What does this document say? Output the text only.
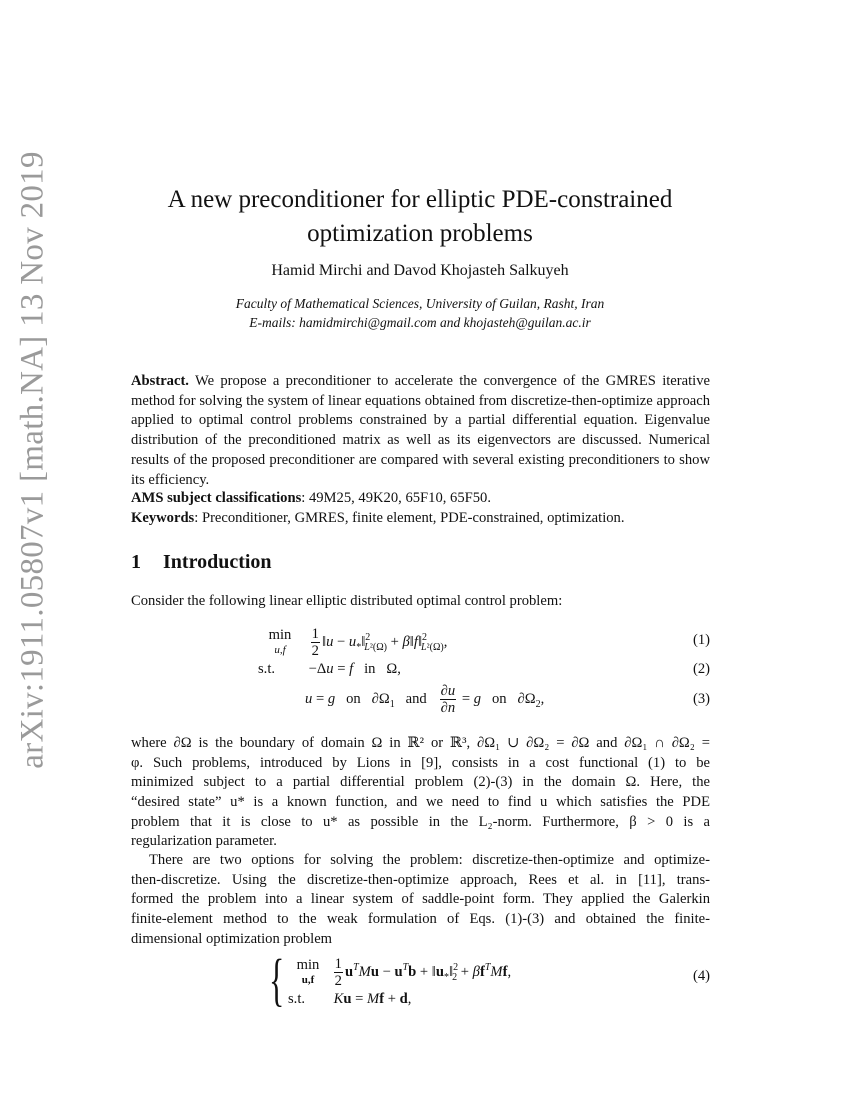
arXiv:1911.05807v1 [math.NA] 13 Nov 2019	A new preconditioner for elliptic PDE-constrained
optimization problems
Hamid Mirchi and Davod Khojasteh Salkuyeh
Faculty of Mathematical Sciences, University of Guilan, Rasht, Iran
E-mails: hamidmirchi@gmail.com and khojasteh@guilan.ac.ir
Abstract. We propose a preconditioner to accelerate the convergence of the GMRES iterative method for solving the system of linear equations obtained from discretize-then-optimize approach applied to optimal control problems constrained by a partial differential equation. Eigenvalue distribution of the preconditioned matrix as well as its eigenvectors are discussed. Numerical results of the proposed preconditioner are compared with several existing preconditioners to show its efficiency.
AMS subject classifications: 49M25, 49K20, 65F10, 65F50.
Keywords: Preconditioner, GMRES, finite element, PDE-constrained, optimization.
1 Introduction
Consider the following linear elliptic distributed optimal control problem:
min
$u,f \frac{1}{2}$ ‖u − $u_*‖^2_{L^2(\Omega)}$ + β‖f‖$^2_{L^2(\Omega)}$,	(1)
s.t. −Δu = f in   Ω,	(2)
u = g on   $\partial\Omega_1$ and $\frac{\partial u}{\partial n} = g$ on   $\partial\Omega_2$,	(3)
where ∂Ω is the boundary of domain Ω in ℝ² or ℝ³, ∂Ω₁ ∪ ∂Ω₂ = ∂Ω and ∂Ω₁ ∩ ∂Ω₂ =
φ. Such problems, introduced by Lions in [9], consists in a cost functional (1) to be
minimized subject to a partial differential problem (2)-(3) in the domain Ω. Here, the
“desired state” u* is a known function, and we need to find u which satisfies the PDE
problem that it is close to u* as possible in the L₂-norm. Furthermore, β > 0 is a
regularization parameter.
There are two options for solving the problem: discretize-then-optimize and optimize-
then-discretize. Using the discretize-then-optimize approach, Rees et al. in [11], trans-
formed the problem into a linear system of saddle-point form. They applied the Galerkin
finite-element method to the weak formulation of Eqs. (1)-(3) and obtained the finite-
dimensional optimization problem
{ min
$u,f \frac{1}{2} u^TMu - u^Tb$ + $‖u_*‖^2_2 + \beta f^TMf$,
s.t. Ku = Mf + d,
(4)
